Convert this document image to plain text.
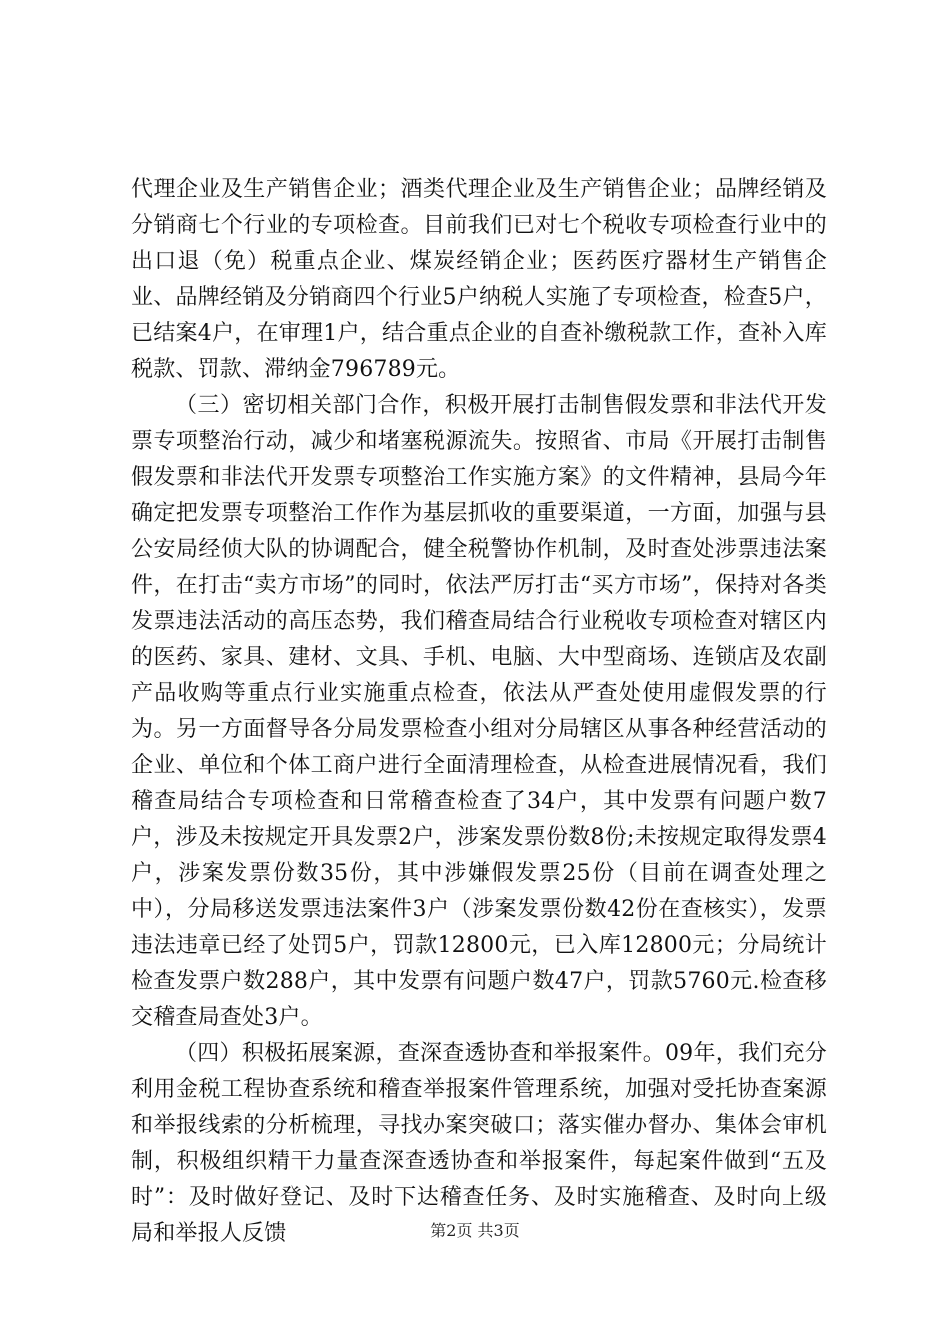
代理企业及生产销售企业；酒类代理企业及生产销售企业；品牌经销及分销商七个行业的专项检查。目前我们已对七个税收专项检查行业中的出口退（免）税重点企业、煤炭经销企业；医药医疗器材生产销售企业、品牌经销及分销商四个行业5户纳税人实施了专项检查，检查5户，已结案4户，在审理1户，结合重点企业的自查补缴税款工作，查补入库税款、罚款、滞纳金796789元。

（三）密切相关部门合作，积极开展打击制售假发票和非法代开发票专项整治行动，减少和堵塞税源流失。按照省、市局《开展打击制售假发票和非法代开发票专项整治工作实施方案》的文件精神，县局今年确定把发票专项整治工作作为基层抓收的重要渠道，一方面，加强与县公安局经侦大队的协调配合，健全税警协作机制，及时查处涉票违法案件，在打击“卖方市场”的同时，依法严厉打击“买方市场”，保持对各类发票违法活动的高压态势，我们稽查局结合行业税收专项检查对辖区内的医药、家具、建材、文具、手机、电脑、大中型商场、连锁店及农副产品收购等重点行业实施重点检查，依法从严查处使用虚假发票的行为。另一方面督导各分局发票检查小组对分局辖区从事各种经营活动的企业、单位和个体工商户进行全面清理检查，从检查进展情况看，我们稽查局结合专项检查和日常稽查检查了34户，其中发票有问题户数7户，涉及未按规定开具发票2户，涉案发票份数8份;未按规定取得发票4户，涉案发票份数35份，其中涉嫌假发票25份（目前在调查处理之中），分局移送发票违法案件3户（涉案发票份数42份在查核实），发票违法违章已经了处罚5户，罚款12800元，已入库12800元；分局统计检查发票户数288户，其中发票有问题户数47户，罚款5760元.检查移交稽查局查处3户。

（四）积极拓展案源，查深查透协查和举报案件。09年，我们充分利用金税工程协查系统和稽查举报案件管理系统，加强对受托协查案源和举报线索的分析梳理，寻找办案突破口；落实催办督办、集体会审机制，积极组织精干力量查深查透协查和举报案件，每起案件做到“五及时”：及时做好登记、及时下达稽查任务、及时实施稽查、及时向上级局和举报人反馈	第2页 共3页
